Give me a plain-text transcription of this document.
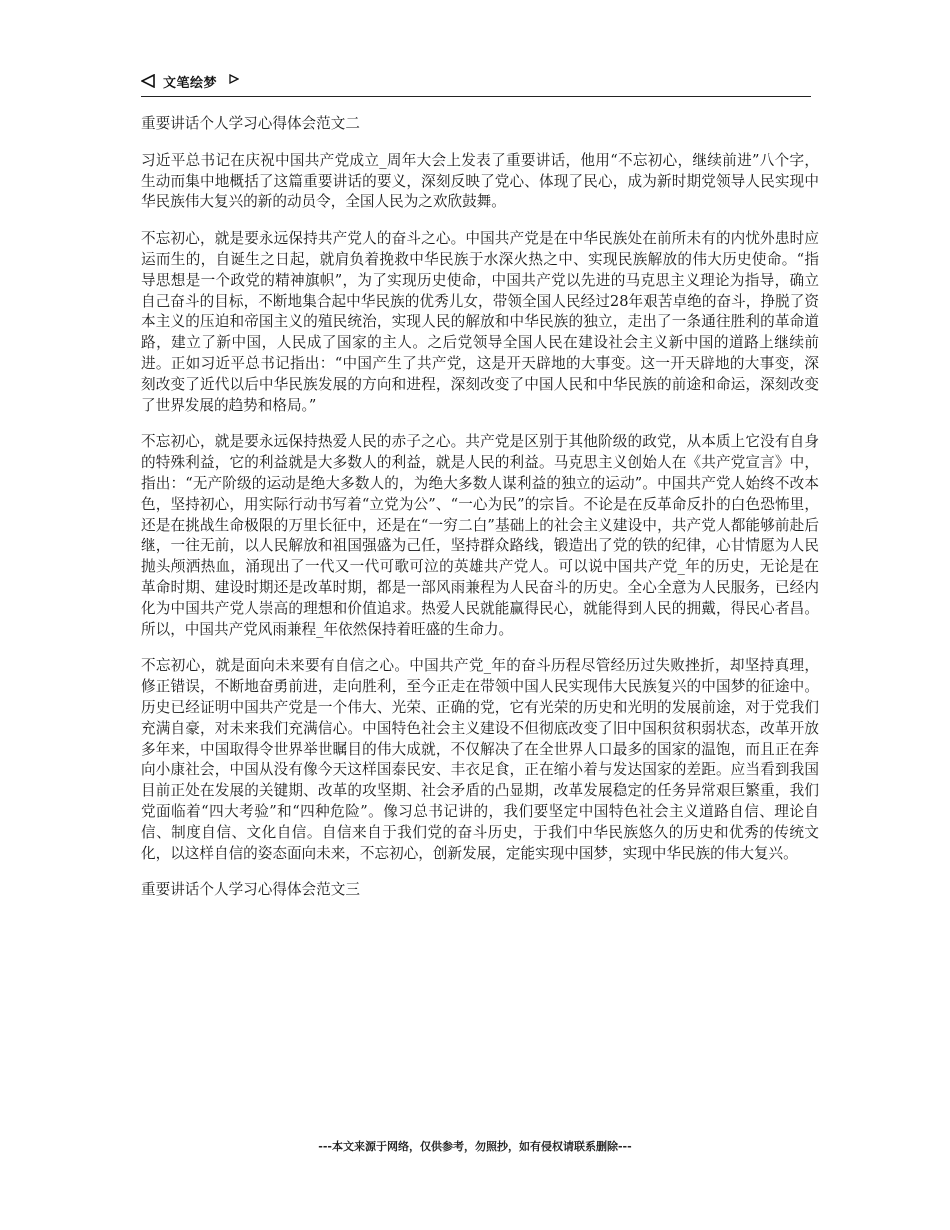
文笔绘梦

重要讲话个人学习心得体会范文二

习近平总书记在庆祝中国共产党成立_周年大会上发表了重要讲话，他用“不忘初心，继续前进”八个字，生动而集中地概括了这篇重要讲话的要义，深刻反映了党心、体现了民心，成为新时期党领导人民实现中华民族伟大复兴的新的动员令，全国人民为之欢欣鼓舞。

不忘初心，就是要永远保持共产党人的奋斗之心。中国共产党是在中华民族处在前所未有的内忧外患时应运而生的，自诞生之日起，就肩负着挽救中华民族于水深火热之中、实现民族解放的伟大历史使命。“指导思想是一个政党的精神旗帜”，为了实现历史使命，中国共产党以先进的马克思主义理论为指导，确立自己奋斗的目标，不断地集合起中华民族的优秀儿女，带领全国人民经过28年艰苦卓绝的奋斗，挣脱了资本主义的压迫和帝国主义的殖民统治，实现人民的解放和中华民族的独立，走出了一条通往胜利的革命道路，建立了新中国，人民成了国家的主人。之后党领导全国人民在建设社会主义新中国的道路上继续前进。正如习近平总书记指出：“中国产生了共产党，这是开天辟地的大事变。这一开天辟地的大事变，深刻改变了近代以后中华民族发展的方向和进程，深刻改变了中国人民和中华民族的前途和命运，深刻改变了世界发展的趋势和格局。”

不忘初心，就是要永远保持热爱人民的赤子之心。共产党是区别于其他阶级的政党，从本质上它没有自身的特殊利益，它的利益就是大多数人的利益，就是人民的利益。马克思主义创始人在《共产党宣言》中，指出：“无产阶级的运动是绝大多数人的，为绝大多数人谋利益的独立的运动”。中国共产党人始终不改本色，坚持初心，用实际行动书写着“立党为公”、“一心为民”的宗旨。不论是在反革命反扑的白色恐怖里，还是在挑战生命极限的万里长征中，还是在“一穷二白”基础上的社会主义建设中，共产党人都能够前赴后继，一往无前，以人民解放和祖国强盛为己任，坚持群众路线，锻造出了党的铁的纪律，心甘情愿为人民抛头颅洒热血，涌现出了一代又一代可歌可泣的英雄共产党人。可以说中国共产党_年的历史，无论是在革命时期、建设时期还是改革时期，都是一部风雨兼程为人民奋斗的历史。全心全意为人民服务，已经内化为中国共产党人崇高的理想和价值追求。热爱人民就能赢得民心，就能得到人民的拥戴，得民心者昌。所以，中国共产党风雨兼程_年依然保持着旺盛的生命力。

不忘初心，就是面向未来要有自信之心。中国共产党_年的奋斗历程尽管经历过失败挫折，却坚持真理，修正错误，不断地奋勇前进，走向胜利，至今正走在带领中国人民实现伟大民族复兴的中国梦的征途中。历史已经证明中国共产党是一个伟大、光荣、正确的党，它有光荣的历史和光明的发展前途，对于党我们充满自豪，对未来我们充满信心。中国特色社会主义建设不但彻底改变了旧中国积贫积弱状态，改革开放多年来，中国取得令世界举世瞩目的伟大成就，不仅解决了在全世界人口最多的国家的温饱，而且正在奔向小康社会，中国从没有像今天这样国泰民安、丰衣足食，正在缩小着与发达国家的差距。应当看到我国目前正处在发展的关键期、改革的攻坚期、社会矛盾的凸显期，改革发展稳定的任务异常艰巨繁重，我们党面临着“四大考验”和“四种危险”。像习总书记讲的，我们要坚定中国特色社会主义道路自信、理论自信、制度自信、文化自信。自信来自于我们党的奋斗历史，于我们中华民族悠久的历史和优秀的传统文化，以这样自信的姿态面向未来，不忘初心，创新发展，定能实现中国梦，实现中华民族的伟大复兴。

重要讲话个人学习心得体会范文三

---本文来源于网络，仅供参考，勿照抄，如有侵权请联系删除---
